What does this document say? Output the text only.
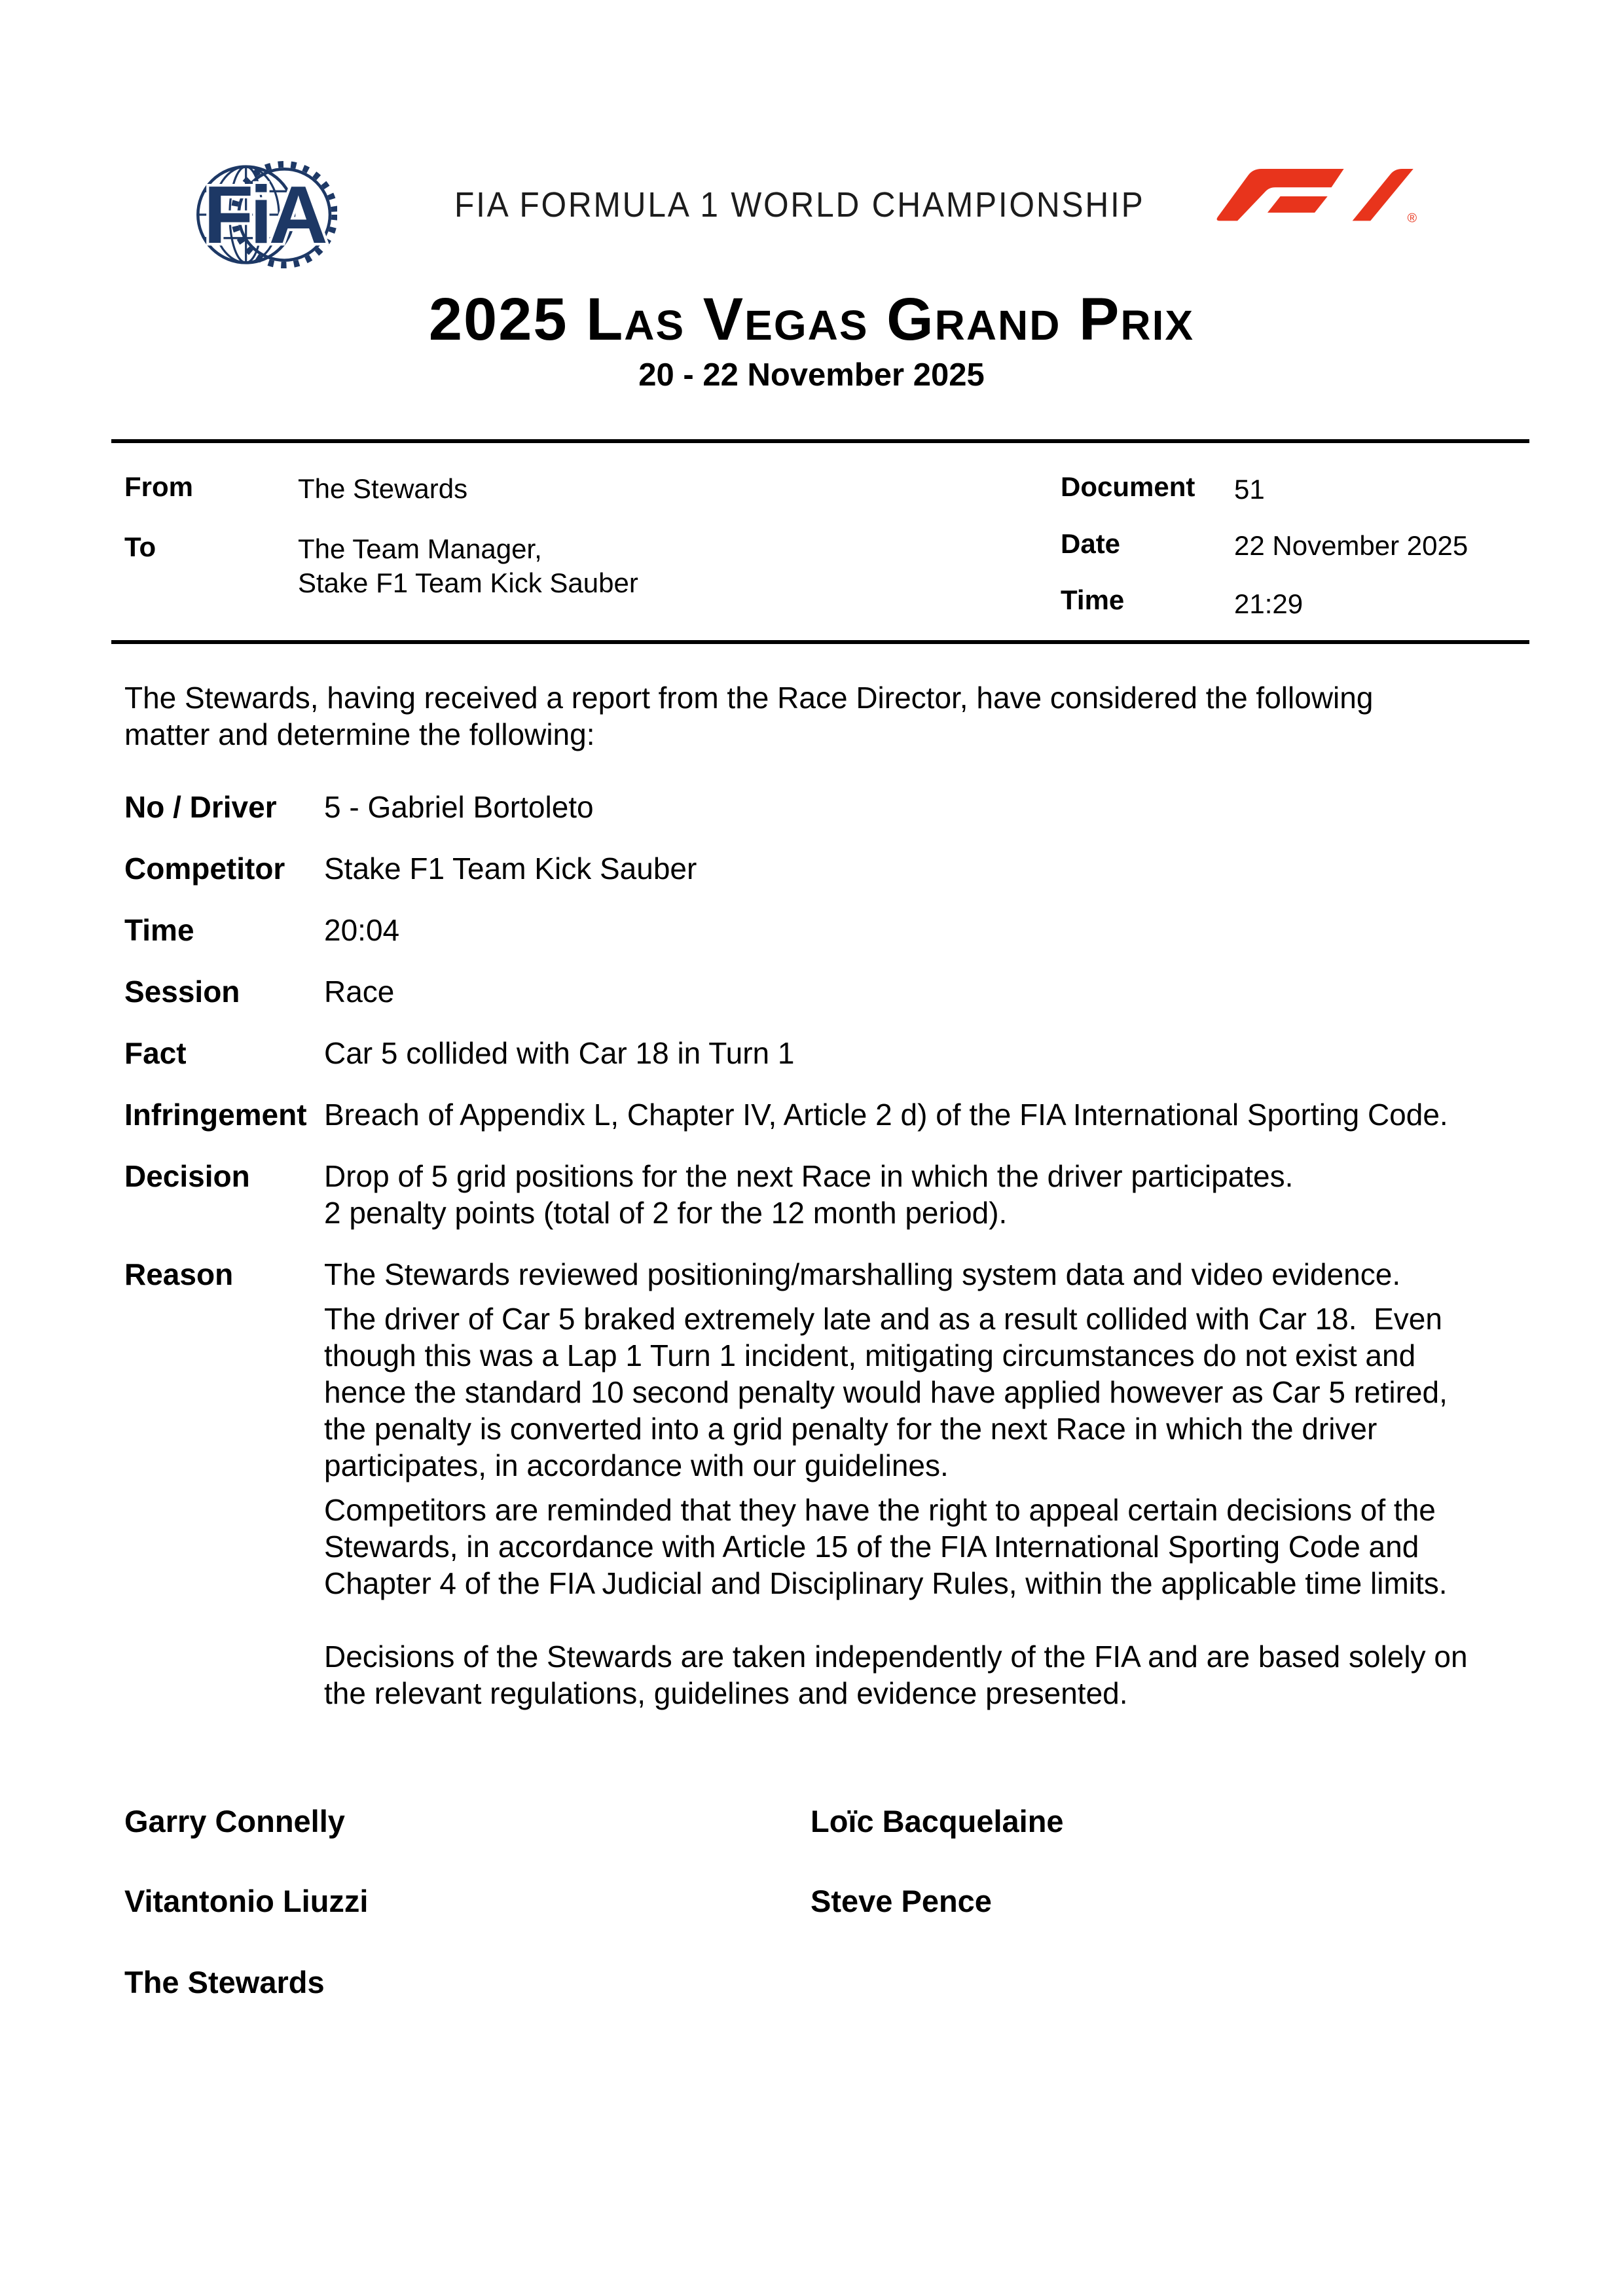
FiA	FIA FORMULA 1 WORLD CHAMPIONSHIP	®
2025 Las Vegas Grand Prix
20 - 22 November 2025
From	The Stewards
To	The Team Manager,
Stake F1 Team Kick Sauber
Document 51
Date	22 November 2025
Time	21:29
The Stewards, having received a report from the Race Director, have considered the following matter and determine the following:
No / Driver	5 - Gabriel Bortoleto
Competitor	Stake F1 Team Kick Sauber
Time	20:04
Session	Race
Fact	Car 5 collided with Car 18 in Turn 1
Infringement Breach of Appendix L, Chapter IV, Article 2 d) of the FIA International Sporting Code.
Decision	Drop of 5 grid positions for the next Race in which the driver participates.
2 penalty points (total of 2 for the 12 month period).
Reason	The Stewards reviewed positioning/marshalling system data and video evidence.

The driver of Car 5 braked extremely late and as a result collided with Car 18.  Even though this was a Lap 1 Turn 1 incident, mitigating circumstances do not exist and hence the standard 10 second penalty would have applied however as Car 5 retired, the penalty is converted into a grid penalty for the next Race in which the driver participates, in accordance with our guidelines.

Competitors are reminded that they have the right to appeal certain decisions of the Stewards, in accordance with Article 15 of the FIA International Sporting Code and Chapter 4 of the FIA Judicial and Disciplinary Rules, within the applicable time limits.

Decisions of the Stewards are taken independently of the FIA and are based solely on the relevant regulations, guidelines and evidence presented.

Garry Connelly	Loïc Bacquelaine
Vitantonio Liuzzi	Steve Pence
The Stewards
